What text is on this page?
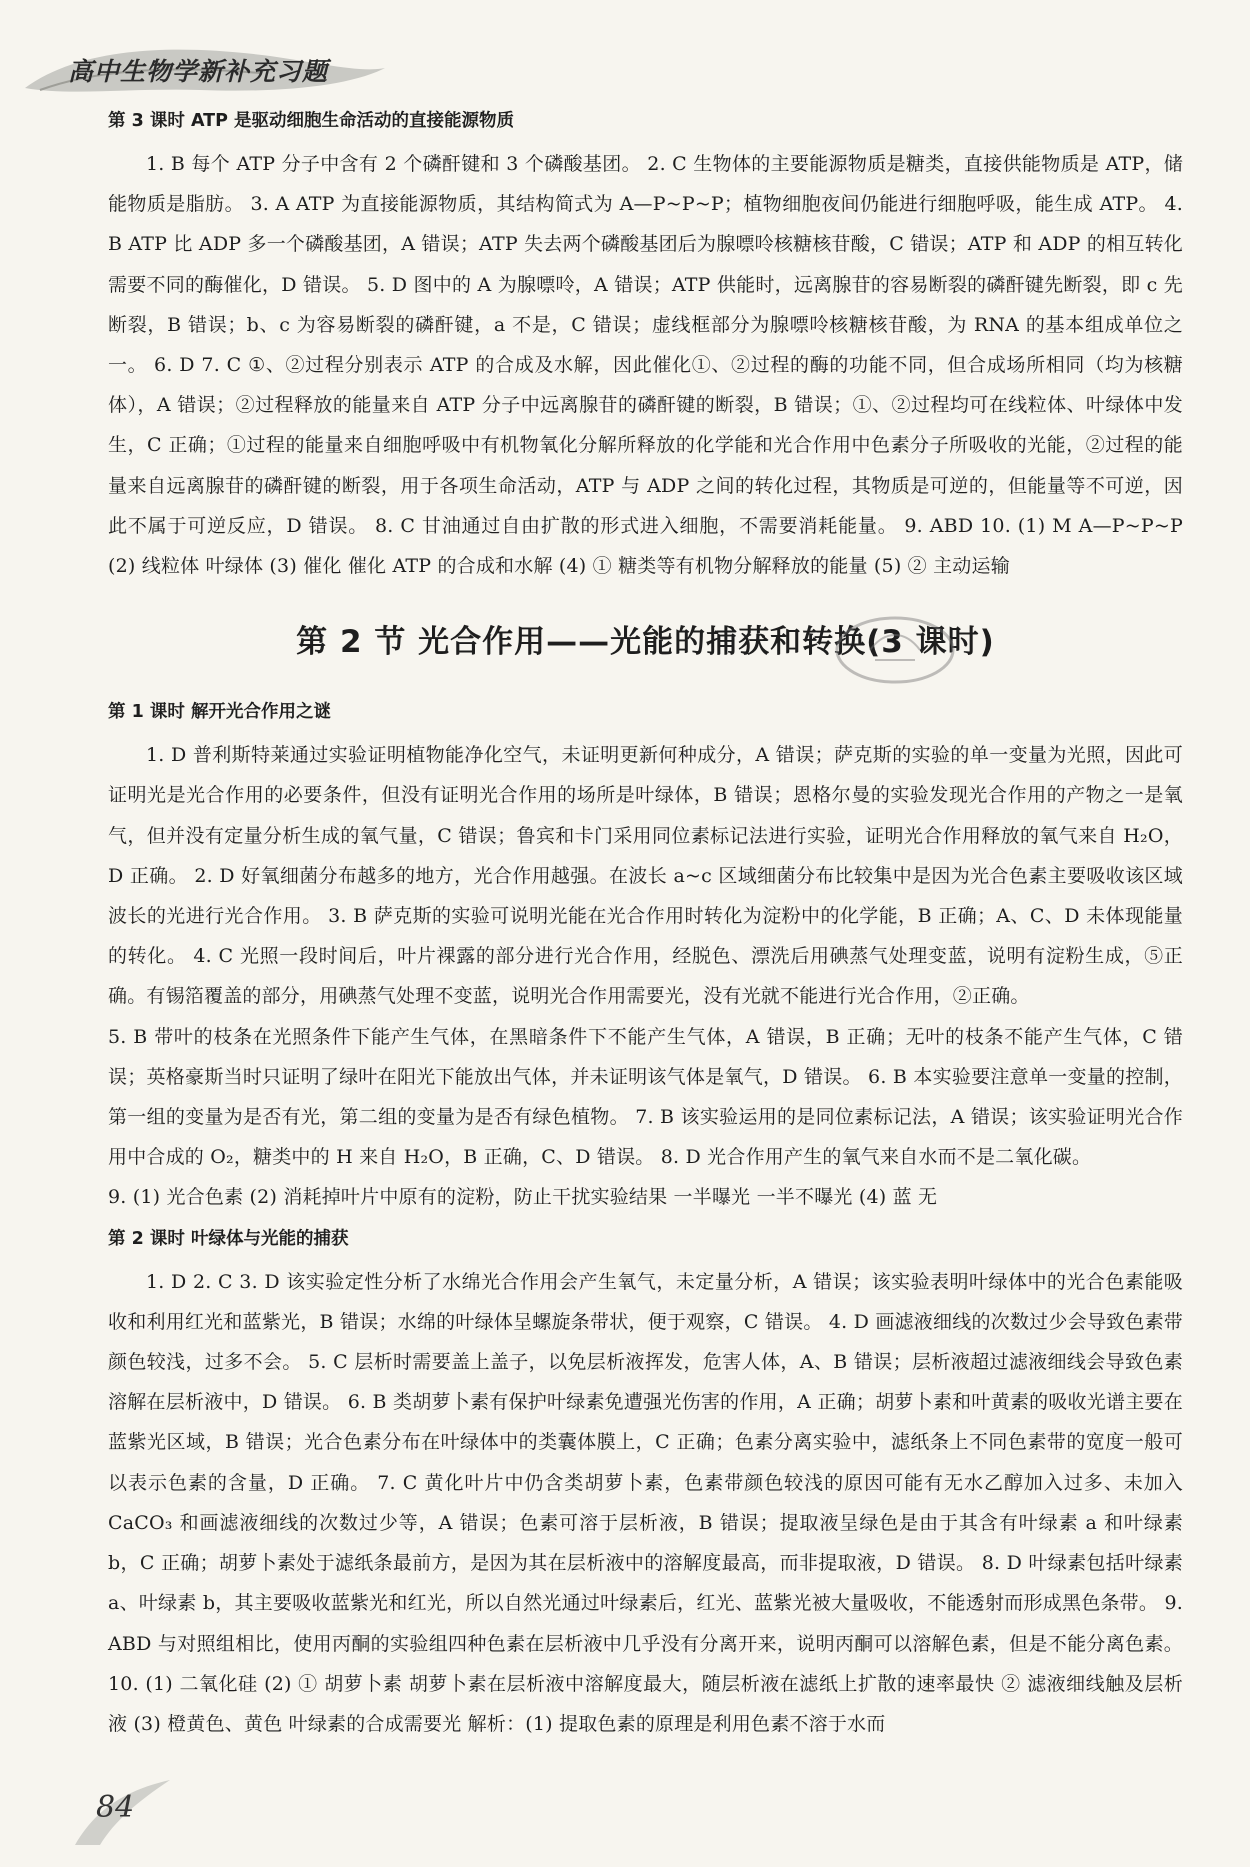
高中生物学新补充习题
第 3 课时 ATP 是驱动细胞生命活动的直接能源物质

1. B 每个 ATP 分子中含有 2 个磷酐键和 3 个磷酸基团。 2. C 生物体的主要能源物质是糖类，直接供能物质是 ATP，储能物质是脂肪。 3. A ATP 为直接能源物质，其结构简式为 A—P~P~P；植物细胞夜间仍能进行细胞呼吸，能生成 ATP。 4. B ATP 比 ADP 多一个磷酸基团，A 错误；ATP 失去两个磷酸基团后为腺嘌呤核糖核苷酸，C 错误；ATP 和 ADP 的相互转化需要不同的酶催化，D 错误。 5. D 图中的 A 为腺嘌呤，A 错误；ATP 供能时，远离腺苷的容易断裂的磷酐键先断裂，即 c 先断裂，B 错误；b、c 为容易断裂的磷酐键，a 不是，C 错误；虚线框部分为腺嘌呤核糖核苷酸，为 RNA 的基本组成单位之一。 6. D 7. C ①、②过程分别表示 ATP 的合成及水解，因此催化①、②过程的酶的功能不同，但合成场所相同（均为核糖体），A 错误；②过程释放的能量来自 ATP 分子中远离腺苷的磷酐键的断裂，B 错误；①、②过程均可在线粒体、叶绿体中发生，C 正确；①过程的能量来自细胞呼吸中有机物氧化分解所释放的化学能和光合作用中色素分子所吸收的光能，②过程的能量来自远离腺苷的磷酐键的断裂，用于各项生命活动，ATP 与 ADP 之间的转化过程，其物质是可逆的，但能量等不可逆，因此不属于可逆反应，D 错误。 8. C 甘油通过自由扩散的形式进入细胞，不需要消耗能量。 9. ABD 10. (1) M A—P~P~P (2) 线粒体 叶绿体 (3) 催化 催化 ATP 的合成和水解 (4) ① 糖类等有机物分解释放的能量 (5) ② 主动运输

第 2 节 光合作用——光能的捕获和转换(3 课时)
第 1 课时 解开光合作用之谜

1. D 普利斯特莱通过实验证明植物能净化空气，未证明更新何种成分，A 错误；萨克斯的实验的单一变量为光照，因此可证明光是光合作用的必要条件，但没有证明光合作用的场所是叶绿体，B 错误；恩格尔曼的实验发现光合作用的产物之一是氧气，但并没有定量分析生成的氧气量，C 错误；鲁宾和卡门采用同位素标记法进行实验，证明光合作用释放的氧气来自 H₂O，D 正确。 2. D 好氧细菌分布越多的地方，光合作用越强。在波长 a~c 区域细菌分布比较集中是因为光合色素主要吸收该区域波长的光进行光合作用。 3. B 萨克斯的实验可说明光能在光合作用时转化为淀粉中的化学能，B 正确；A、C、D 未体现能量的转化。 4. C 光照一段时间后，叶片裸露的部分进行光合作用，经脱色、漂洗后用碘蒸气处理变蓝，说明有淀粉生成，⑤正确。有锡箔覆盖的部分，用碘蒸气处理不变蓝，说明光合作用需要光，没有光就不能进行光合作用，②正确。

5. B 带叶的枝条在光照条件下能产生气体，在黑暗条件下不能产生气体，A 错误，B 正确；无叶的枝条不能产生气体，C 错误；英格豪斯当时只证明了绿叶在阳光下能放出气体，并未证明该气体是氧气，D 错误。 6. B 本实验要注意单一变量的控制，第一组的变量为是否有光，第二组的变量为是否有绿色植物。 7. B 该实验运用的是同位素标记法，A 错误；该实验证明光合作用中合成的 O₂，糖类中的 H 来自 H₂O，B 正确，C、D 错误。 8. D 光合作用产生的氧气来自水而不是二氧化碳。

9. (1) 光合色素 (2) 消耗掉叶片中原有的淀粉，防止干扰实验结果 一半曝光 一半不曝光 (4) 蓝 无

第 2 课时 叶绿体与光能的捕获

1. D 2. C 3. D 该实验定性分析了水绵光合作用会产生氧气，未定量分析，A 错误；该实验表明叶绿体中的光合色素能吸收和利用红光和蓝紫光，B 错误；水绵的叶绿体呈螺旋条带状，便于观察，C 错误。 4. D 画滤液细线的次数过少会导致色素带颜色较浅，过多不会。 5. C 层析时需要盖上盖子，以免层析液挥发，危害人体，A、B 错误；层析液超过滤液细线会导致色素溶解在层析液中，D 错误。 6. B 类胡萝卜素有保护叶绿素免遭强光伤害的作用，A 正确；胡萝卜素和叶黄素的吸收光谱主要在蓝紫光区域，B 错误；光合色素分布在叶绿体中的类囊体膜上，C 正确；色素分离实验中，滤纸条上不同色素带的宽度一般可以表示色素的含量，D 正确。 7. C 黄化叶片中仍含类胡萝卜素，色素带颜色较浅的原因可能有无水乙醇加入过多、未加入 CaCO₃ 和画滤液细线的次数过少等，A 错误；色素可溶于层析液，B 错误；提取液呈绿色是由于其含有叶绿素 a 和叶绿素 b，C 正确；胡萝卜素处于滤纸条最前方，是因为其在层析液中的溶解度最高，而非提取液，D 错误。 8. D 叶绿素包括叶绿素 a、叶绿素 b，其主要吸收蓝紫光和红光，所以自然光通过叶绿素后，红光、蓝紫光被大量吸收，不能透射而形成黑色条带。 9. ABD 与对照组相比，使用丙酮的实验组四种色素在层析液中几乎没有分离开来，说明丙酮可以溶解色素，但是不能分离色素。 10. (1) 二氧化硅 (2) ① 胡萝卜素 胡萝卜素在层析液中溶解度最大，随层析液在滤纸上扩散的速率最快 ② 滤液细线触及层析液 (3) 橙黄色、黄色 叶绿素的合成需要光 解析：(1) 提取色素的原理是利用色素不溶于水而

84
